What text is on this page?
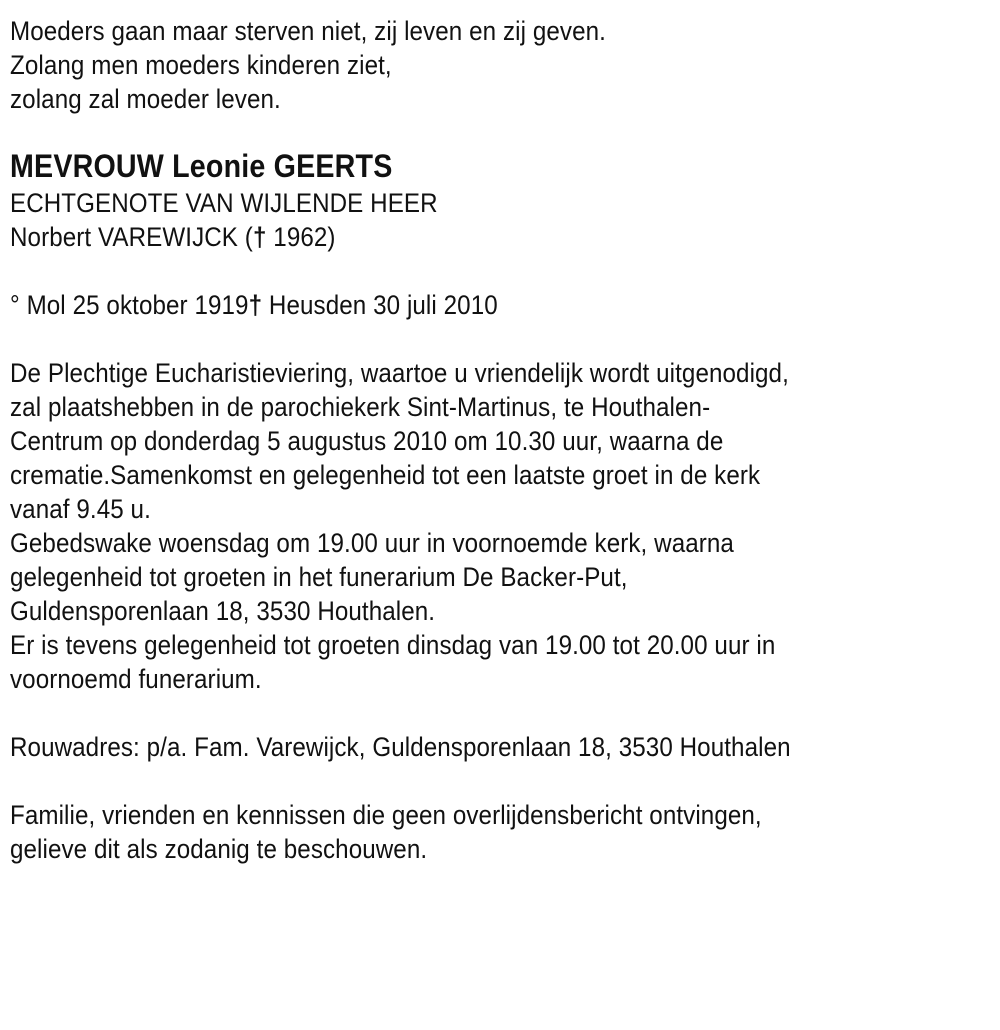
Moeders gaan maar sterven niet, zij leven en zij geven.
Zolang men moeders kinderen ziet,
zolang zal moeder leven.
MEVROUW Leonie GEERTS
ECHTGENOTE VAN WIJLENDE HEER
Norbert VAREWIJCK († 1962)
° Mol 25 oktober 1919† Heusden 30 juli 2010
De Plechtige Eucharistieviering, waartoe u vriendelijk wordt uitgenodigd,
zal plaatshebben in de parochiekerk Sint-Martinus, te Houthalen-
Centrum op donderdag 5 augustus 2010 om 10.30 uur, waarna de
crematie.Samenkomst en gelegenheid tot een laatste groet in de kerk
vanaf 9.45 u.
Gebedswake woensdag om 19.00 uur in voornoemde kerk, waarna
gelegenheid tot groeten in het funerarium De Backer-Put,
Guldensporenlaan 18, 3530 Houthalen.
Er is tevens gelegenheid tot groeten dinsdag van 19.00 tot 20.00 uur in
voornoemd funerarium.
Rouwadres: p/a. Fam. Varewijck, Guldensporenlaan 18, 3530 Houthalen
Familie, vrienden en kennissen die geen overlijdensbericht ontvingen,
gelieve dit als zodanig te beschouwen.
